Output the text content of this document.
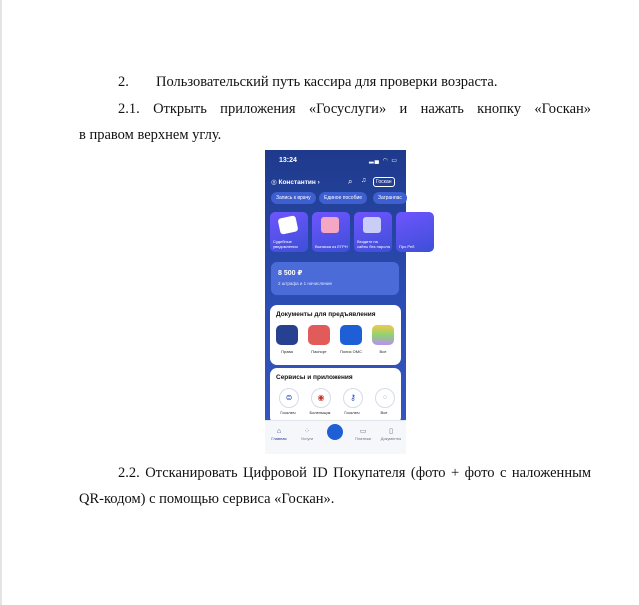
2. Пользовательский путь кассира для проверки возраста.
2.1. Открыть приложения «Госуслуги» и нажать кнопку «Госкан»
в правом верхнем углу.
13:24	▂▄ ◠ ▭
◎ Константин ›	⌕ ♫	Госкан
Запись к врачу	Единое пособие	Загранпас
Судебные уведомления	Выписка из ЕГРН
Входите на сайты без пароля Про Реб
8 500 ₽
2 штрафа и 1 начисление
Документы для предъявления
Права	Паспорт	Полис ОМС	Все
Сервисы и приложения
⊜	◉	⚷	⁘
Госключ	Болельщик	Госключ	Все
⌂
Главная
⁘
Услуги
▭
Платежи
▯
Документы
2.2. Отсканировать Цифровой ID Покупателя (фото + фото с наложенным
QR-кодом) с помощью сервиса «Госкан».
